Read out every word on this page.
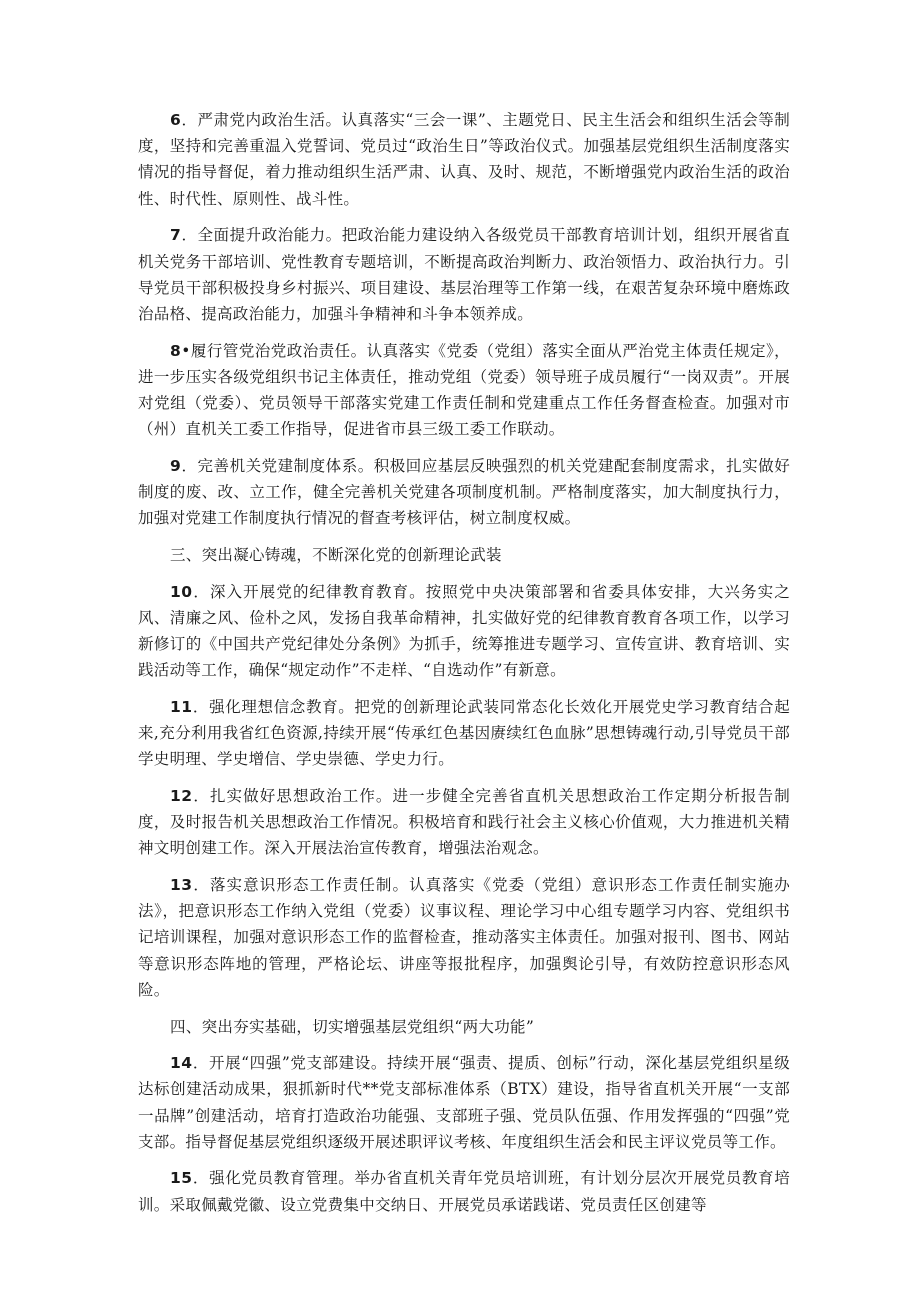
6．严肃党内政治生活。认真落实“三会一课”、主题党日、民主生活会和组织生活会等制度，坚持和完善重温入党誓词、党员过“政治生日”等政治仪式。加强基层党组织生活制度落实情况的指导督促，着力推动组织生活严肃、认真、及时、规范，不断增强党内政治生活的政治性、时代性、原则性、战斗性。

7．全面提升政治能力。把政治能力建设纳入各级党员干部教育培训计划，组织开展省直机关党务干部培训、党性教育专题培训，不断提高政治判断力、政治领悟力、政治执行力。引导党员干部积极投身乡村振兴、项目建设、基层治理等工作第一线，在艰苦复杂环境中磨炼政治品格、提高政治能力，加强斗争精神和斗争本领养成。

8•履行管党治党政治责任。认真落实《党委（党组）落实全面从严治党主体责任规定》，进一步压实各级党组织书记主体责任，推动党组（党委）领导班子成员履行“一岗双责”。开展对党组（党委）、党员领导干部落实党建工作责任制和党建重点工作任务督查检查。加强对市（州）直机关工委工作指导，促进省市县三级工委工作联动。

9．完善机关党建制度体系。积极回应基层反映强烈的机关党建配套制度需求，扎实做好制度的废、改、立工作，健全完善机关党建各项制度机制。严格制度落实，加大制度执行力，加强对党建工作制度执行情况的督查考核评估，树立制度权威。

三、突出凝心铸魂，不断深化党的创新理论武装

10．深入开展党的纪律教育教育。按照党中央决策部署和省委具体安排，大兴务实之风、清廉之风、俭朴之风，发扬自我革命精神，扎实做好党的纪律教育教育各项工作，以学习新修订的《中国共产党纪律处分条例》为抓手，统筹推进专题学习、宣传宣讲、教育培训、实践活动等工作，确保“规定动作”不走样、“自选动作”有新意。

11．强化理想信念教育。把党的创新理论武装同常态化长效化开展党史学习教育结合起来,充分利用我省红色资源,持续开展“传承红色基因赓续红色血脉”思想铸魂行动,引导党员干部学史明理、学史增信、学史崇德、学史力行。

12．扎实做好思想政治工作。进一步健全完善省直机关思想政治工作定期分析报告制度，及时报告机关思想政治工作情况。积极培育和践行社会主义核心价值观，大力推进机关精神文明创建工作。深入开展法治宣传教育，增强法治观念。

13．落实意识形态工作责任制。认真落实《党委（党组）意识形态工作责任制实施办法》，把意识形态工作纳入党组（党委）议事议程、理论学习中心组专题学习内容、党组织书记培训课程，加强对意识形态工作的监督检查，推动落实主体责任。加强对报刊、图书、网站等意识形态阵地的管理，严格论坛、讲座等报批程序，加强舆论引导，有效防控意识形态风险。

四、突出夯实基础，切实增强基层党组织“两大功能”

14．开展“四强”党支部建设。持续开展“强责、提质、创标”行动，深化基层党组织星级达标创建活动成果，狠抓新时代**党支部标准体系（BTX）建设，指导省直机关开展“一支部一品牌”创建活动，培育打造政治功能强、支部班子强、党员队伍强、作用发挥强的“四强”党支部。指导督促基层党组织逐级开展述职评议考核、年度组织生活会和民主评议党员等工作。

15．强化党员教育管理。举办省直机关青年党员培训班，有计划分层次开展党员教育培训。采取佩戴党徽、设立党费集中交纳日、开展党员承诺践诺、党员责任区创建等
